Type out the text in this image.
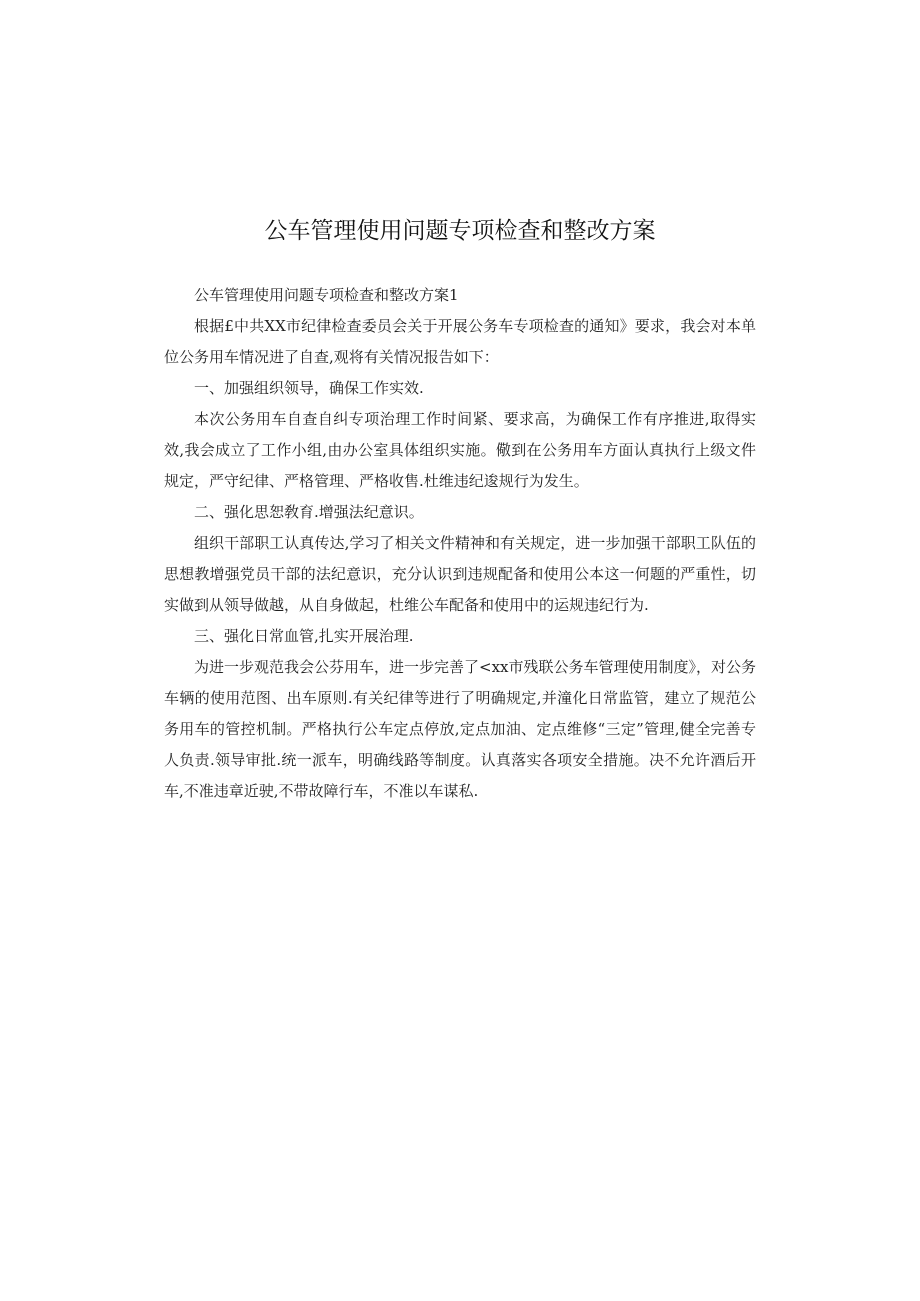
公车管理使用问题专项检查和整改方案

公车管理使用问题专项检查和整改方案1

根据£中共XX市纪律检查委员会关于开展公务车专项检查的通知》要求，我会对本单位公务用车情况进了自查,观将有关情况报告如下：

一、加强组织领导，确保工作实效.

本次公务用车自查自纠专项治理工作时间紧、要求高，为确保工作有序推进,取得实效,我会成立了工作小组,由办公室具体组织实施。儆到在公务用车方面认真执行上级文件规定，严守纪律、严格管理、严格收售.杜维违纪逡规行为发生。

二、强化思恕敎育.增强法纪意识。

组织干部职工认真传达,学习了相关文件精神和有关规定，进一步加强干部职工队伍的思想教增强党员干部的法纪意识，充分认识到违规配备和使用公本这一何题的严重性，切实做到从领导做越，从自身做起，杜维公车配备和使用中的运规违纪行为.

三、强化日常血管,扎实开展治理.

为进一步观范我会公芬用车，进一步完善了<xx市残联公务车管理使用制度》，对公务车辆的使用范图、出车原则.有关纪律等进行了明确规定,并潼化日常监管，建立了规范公务用车的管控机制。严格执行公车定点停放,定点加油、定点维修“三定”管理,健全完善专人负责.领导审批.统一派车，明确线路等制度。认真落实各项安全措施。决不允许酒后开车,不准违章近驶,不带故障行车，不准以车谋私.
